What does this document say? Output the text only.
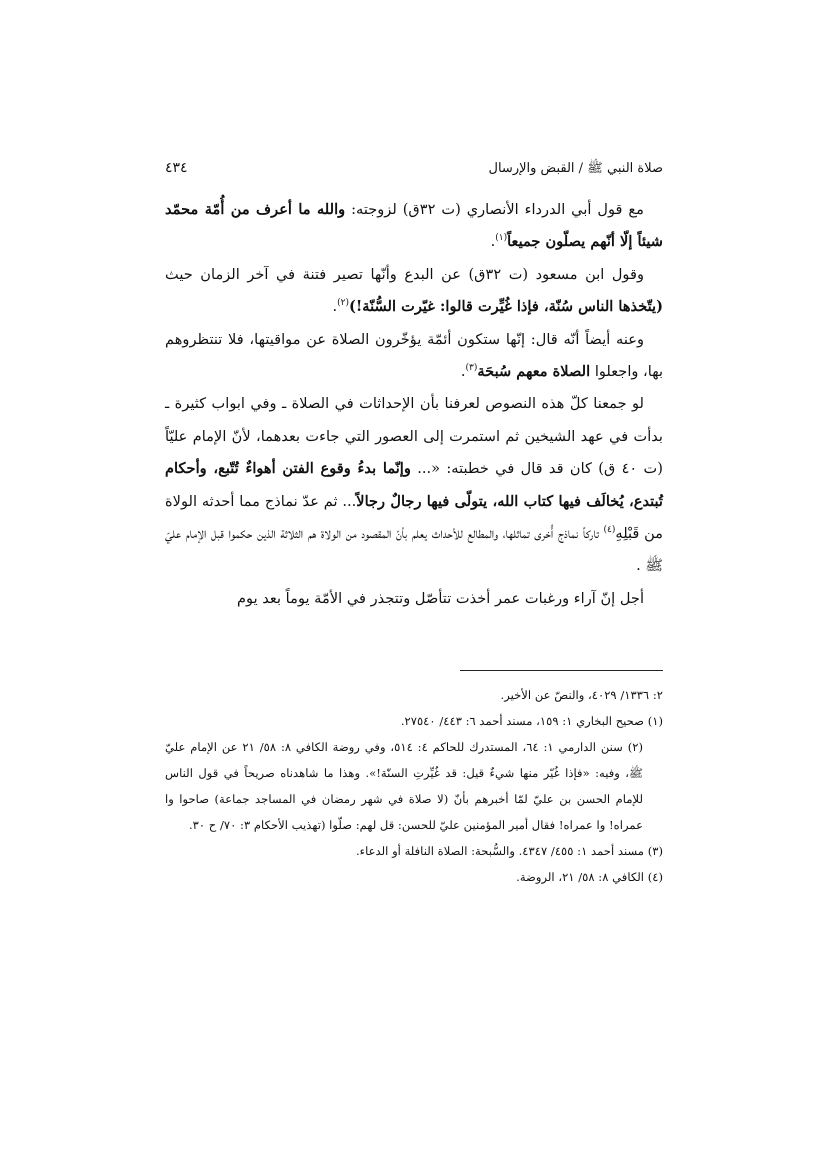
صلاة النبي ﷺ / القبض والإرسال
٤٣٤

مع قول أبي الدرداء الأنصاري (ت ٣٢ق) لزوجته: والله ما أعرف من أُمّة محمّد شيئاً إلّا أنّهم يصلّون جميعاً$^{(١)}$.

وقول ابن مسعود (ت ٣٢ق) عن البدع وأنّها تصير فتنة في آخر الزمان حيث (يتّخذها الناس سُنّة، فإذا غُيِّرت قالوا: غيّرت السُّنّة!)$^{(٢)}$.

وعنه أيضاً أنّه قال: إنّها ستكون أئمّة يؤخّرون الصلاة عن مواقيتها، فلا تنتظروهم بها، واجعلوا الصلاة معهم سُبحَة$^{(٣)}$.

لو جمعنا كلّ هذه النصوص لعرفنا بأن الإحداثات في الصلاة ـ وفي ابواب كثيرة ـ بدأت في عهد الشيخين ثم استمرت إلى العصور التي جاءت بعدهما، لأنّ الإمام عليّاً (ت ٤٠ ق) كان قد قال في خطبته: «... وإنّما بدءُ وقوع الفتن أهواءٌ تُتّبع، وأحكام تُبتدع، يُخالَف فيها كتاب الله، يتولّى فيها رجالٌ رجالاً... ثم عدّ نماذج مما أحدثه الولاة من قَبْلِهِ$^{(٤)}$ تاركاً نماذج أُخرى تماثلها، والمطالع للأحداث يعلم بأنّ المقصود من الولاة هم الثلاثة الذين حكموا قبل الإمام عليّ ﷺ .

أجل إنّ آراء ورغبات عمر أخذت تتأصّل وتتجذر في الأمّة يوماً بعد يوم

٢: ١٣٣٦/ ٤٠٢٩، والنصّ عن الأخير.

(١) صحيح البخاري ١: ١٥٩، مسند أحمد ٦: ٤٤٣/ ٢٧٥٤٠.

(٢) سنن الدارمي ١: ٦٤، المستدرك للحاكم ٤: ٥١٤، وفي روضة الكافي ٨: ٥٨/ ٢١ عن الإمام عليّ ﷺ، وفيه: «فإذا غُيّر منها شيءٌ قيل: قد غُيِّرتِ السنّة!». وهذا ما شاهدناه صريحاً في قول الناس للإمام الحسن بن عليّ لمّا أخبرهم بأنّ (لا صلاة في شهر رمضان في المساجد جماعة) صاحوا وا عمراه! وا عمراه! فقال أمير المؤمنين عليّ للحسن: قل لهم: صلّوا (تهذيب الأحكام ٣: ٧٠/ ح ٣٠.

(٣) مسند أحمد ١: ٤٥٥/ ٤٣٤٧. والسُّبحة: الصلاة النافلة أو الدعاء.

(٤) الكافي ٨: ٥٨/ ٢١، الروضة.
